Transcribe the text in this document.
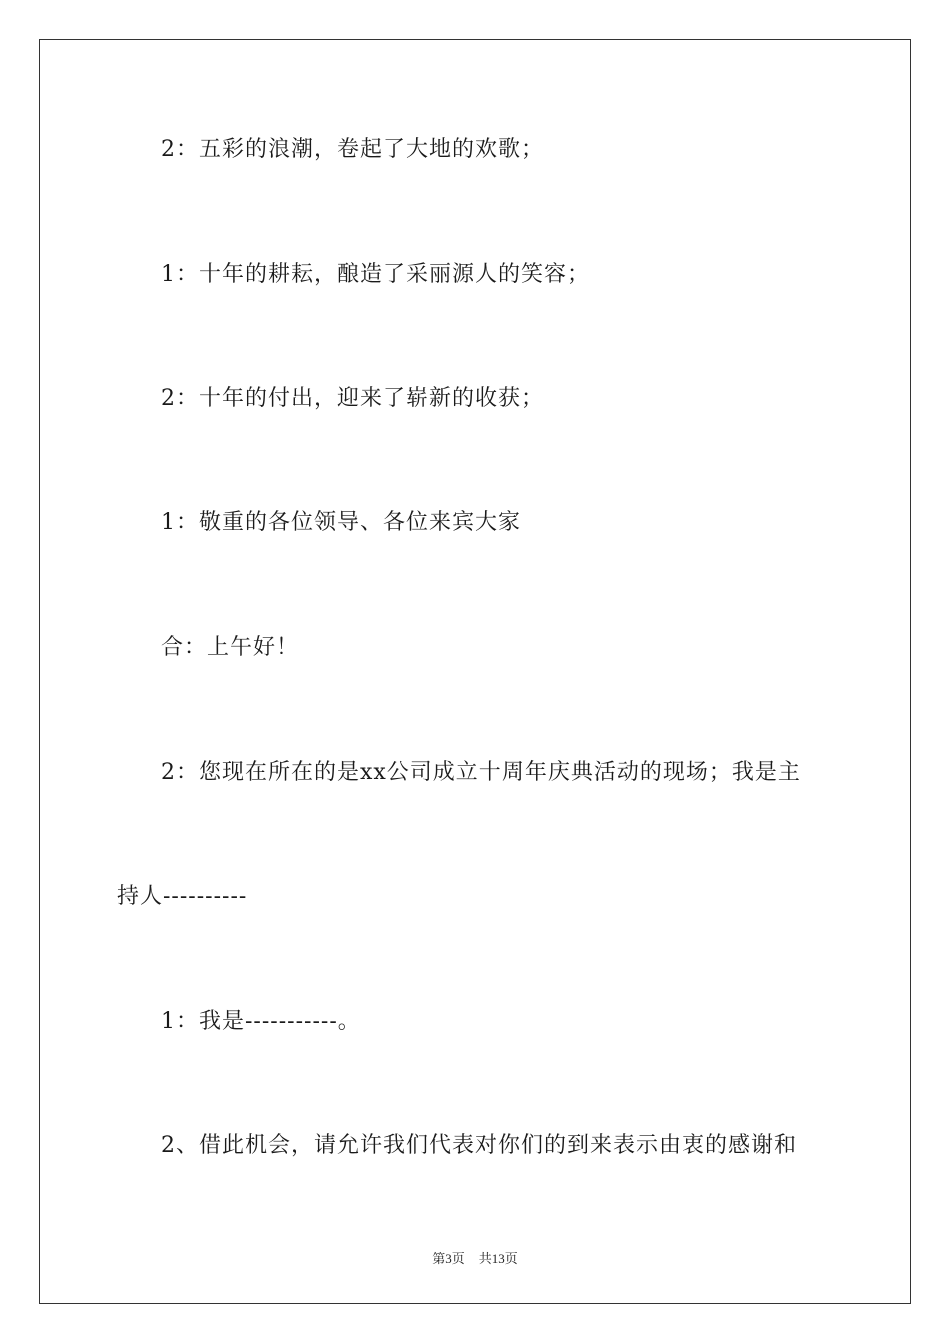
2：五彩的浪潮，卷起了大地的欢歌；
1：十年的耕耘，酿造了采丽源人的笑容；
2：十年的付出，迎来了崭新的收获；
1：敬重的各位领导、各位来宾大家
合：上午好！
2：您现在所在的是xx公司成立十周年庆典活动的现场；我是主
持人----------
1：我是-----------。
2、借此机会，请允许我们代表对你们的到来表示由衷的感谢和
第3页 共13页
